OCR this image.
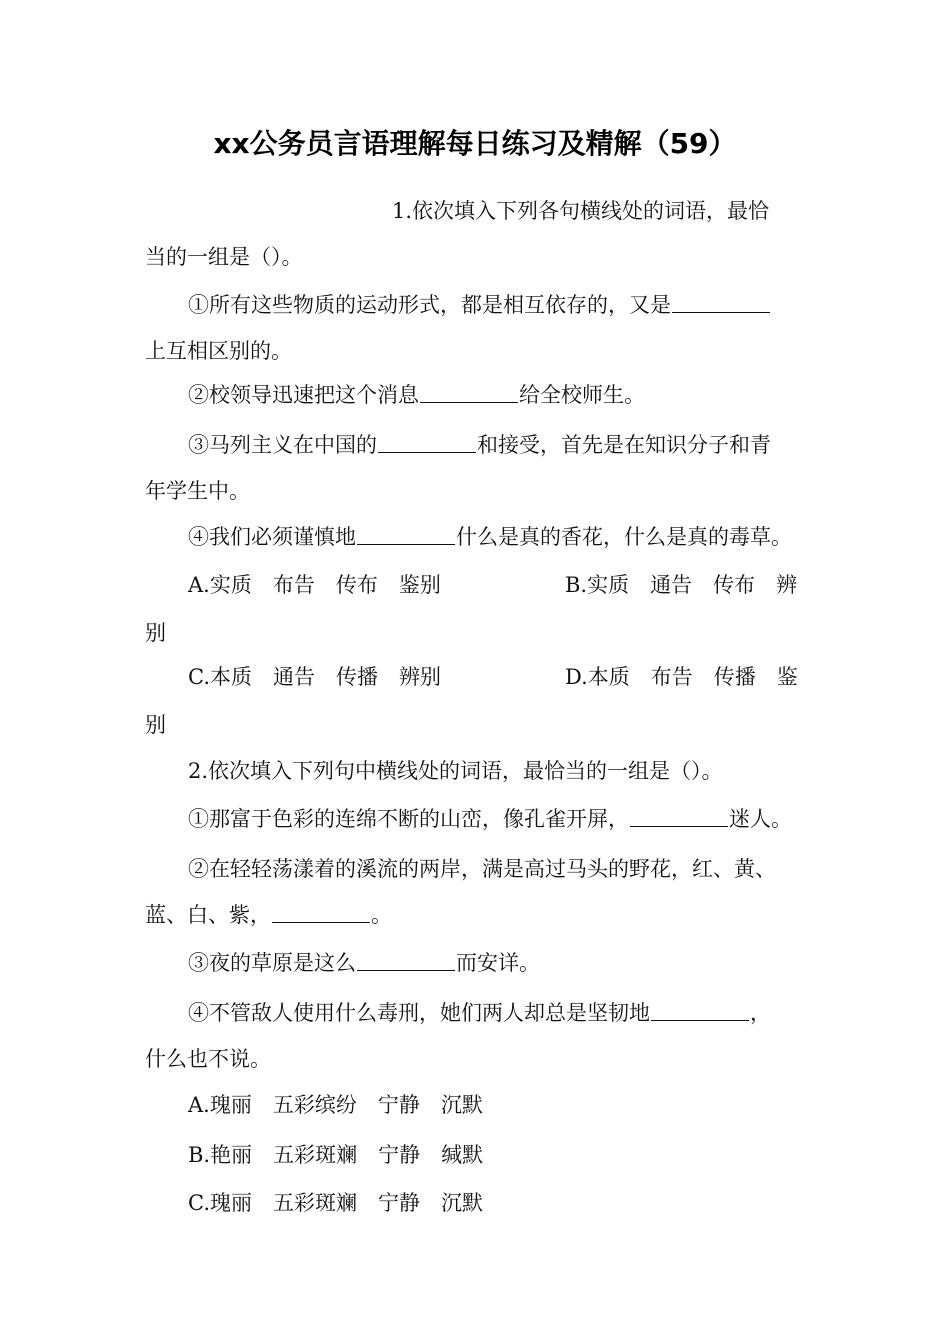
xx公务员言语理解每日练习及精解（59）
1.依次填入下列各句横线处的词语，最恰
当的一组是（）。
①所有这些物质的运动形式，都是相互依存的，又是
上互相区别的。
②校领导迅速把这个消息	给全校师生。
③马列主义在中国的	和接受，首先是在知识分子和青
年学生中。
④我们必须谨慎地	什么是真的香花，什么是真的毒草。
A.实质　布告　传布　鉴别	B.实质　通告　传布　辨
别
C.本质　通告　传播　辨别	D.本质　布告　传播　鉴
别
2.依次填入下列句中横线处的词语，最恰当的一组是（）。
①那富于色彩的连绵不断的山峦，像孔雀开屏，	迷人。
②在轻轻荡漾着的溪流的两岸，满是高过马头的野花，红、黄、
蓝、白、紫，	。
③夜的草原是这么	而安详。
④不管敌人使用什么毒刑，她们两人却总是坚韧地	，
什么也不说。
A.瑰丽　五彩缤纷　宁静　沉默
B.艳丽　五彩斑斓　宁静　缄默
C.瑰丽　五彩斑斓　宁静　沉默
